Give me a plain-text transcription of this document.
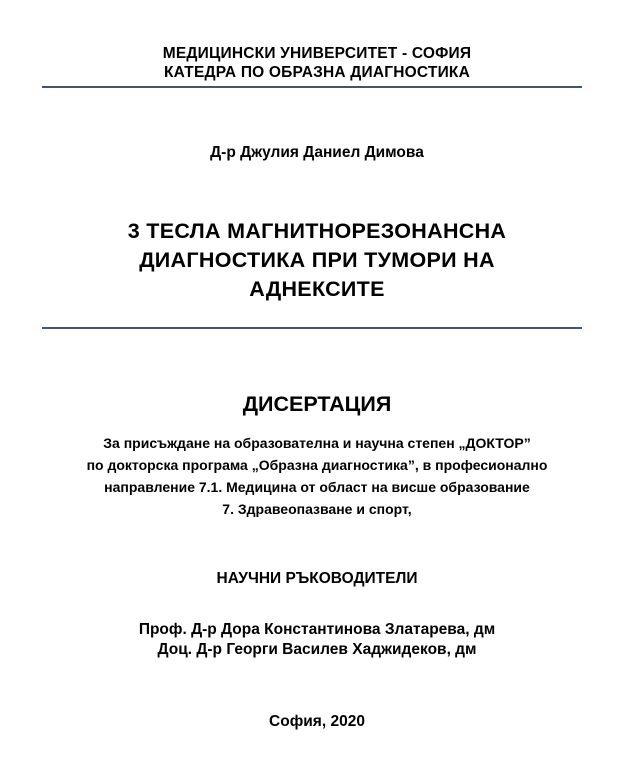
МЕДИЦИНСКИ УНИВЕРСИТЕТ - СОФИЯ
КАТЕДРА ПО ОБРАЗНА ДИАГНОСТИКА
Д-р Джулия Даниел Димова
3 ТЕСЛА МАГНИТНОРЕЗОНАНСНА
ДИАГНОСТИКА ПРИ ТУМОРИ НА
АДНЕКСИТЕ
ДИСЕРТАЦИЯ
За присъждане на образователна и научна степен „ДОКТОР”
по докторска програма „Образна диагностика”, в професионално
направление 7.1. Медицина от област на висше образование
7. Здравеопазване и спорт,
НАУЧНИ РЪКОВОДИТЕЛИ
Проф. Д-р Дора Константинова Златарева, дм
Доц. Д-р Георги Василев Хаджидеков, дм
София, 2020
